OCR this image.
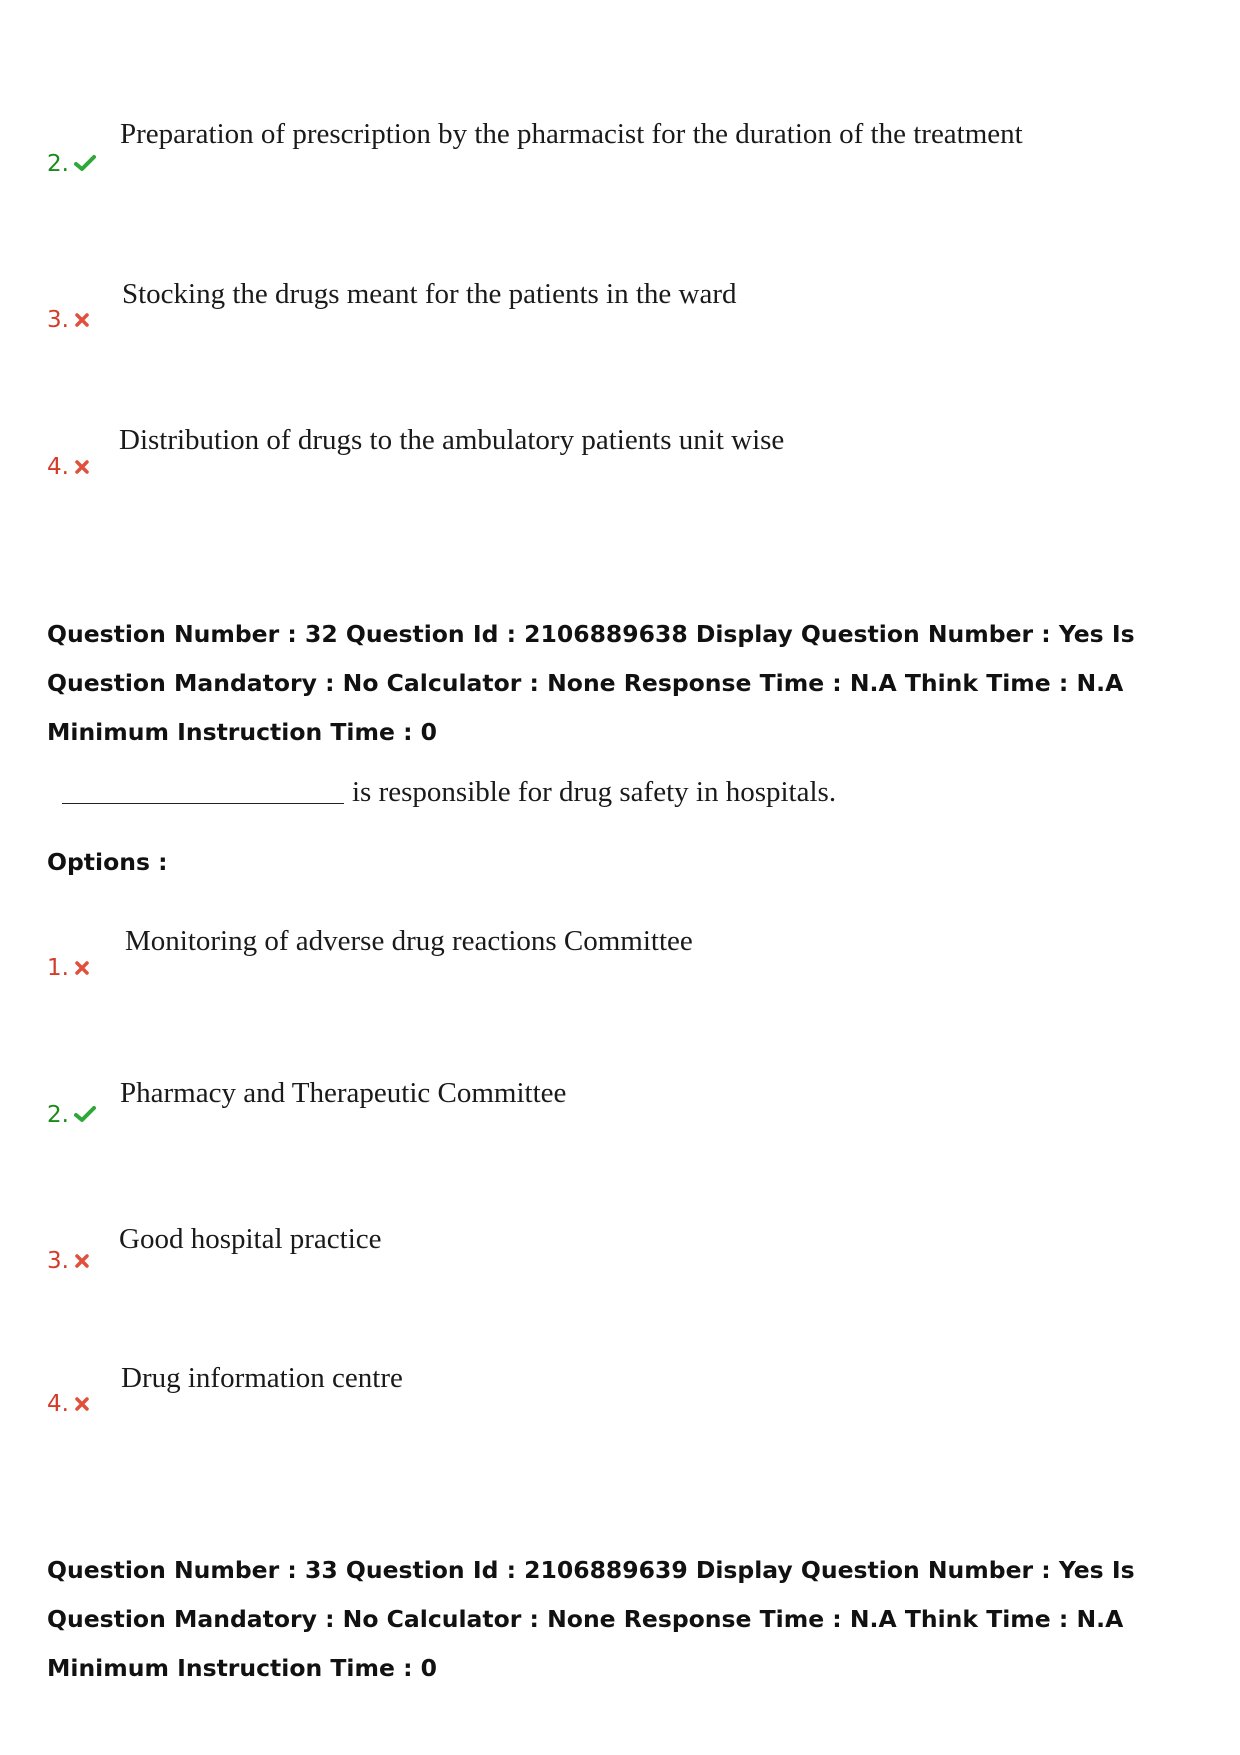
2.
Preparation of prescription by the pharmacist for the duration of the treatment
3.
Stocking the drugs meant for the patients in the ward
4.
Distribution of drugs to the ambulatory patients unit wise
Question Number : 32 Question Id : 2106889638 Display Question Number : Yes Is Question Mandatory : No Calculator : None Response Time : N.A Think Time : N.A Minimum Instruction Time : 0
is responsible for drug safety in hospitals.
Options :
1.
Monitoring of adverse drug reactions Committee
2.
Pharmacy and Therapeutic Committee
3.
Good hospital practice
4.
Drug information centre
Question Number : 33 Question Id : 2106889639 Display Question Number : Yes Is Question Mandatory : No Calculator : None Response Time : N.A Think Time : N.A Minimum Instruction Time : 0
